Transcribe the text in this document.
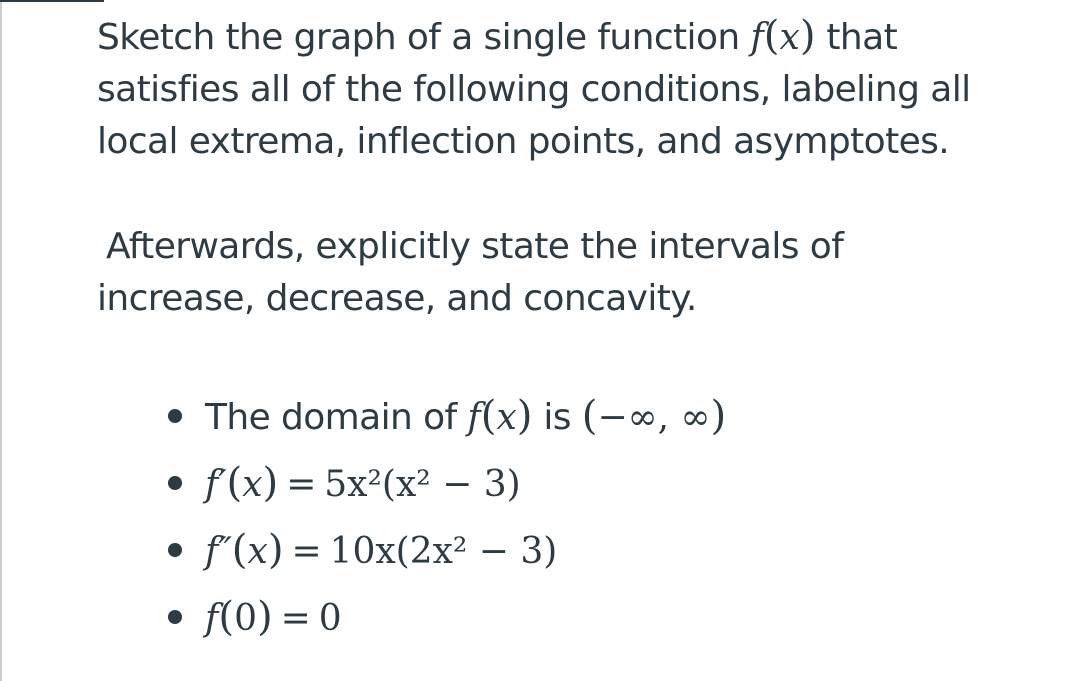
Sketch the graph of a single function f(x) that
satisfies all of the following conditions, labeling all
local extrema, inflection points, and asymptotes.

Afterwards, explicitly state the intervals of
increase, decrease, and concavity.

The domain of f(x) is (−∞, ∞)
f′(x) = 5x²(x² − 3)
f″(x) = 10x(2x² − 3)
f(0) = 0
